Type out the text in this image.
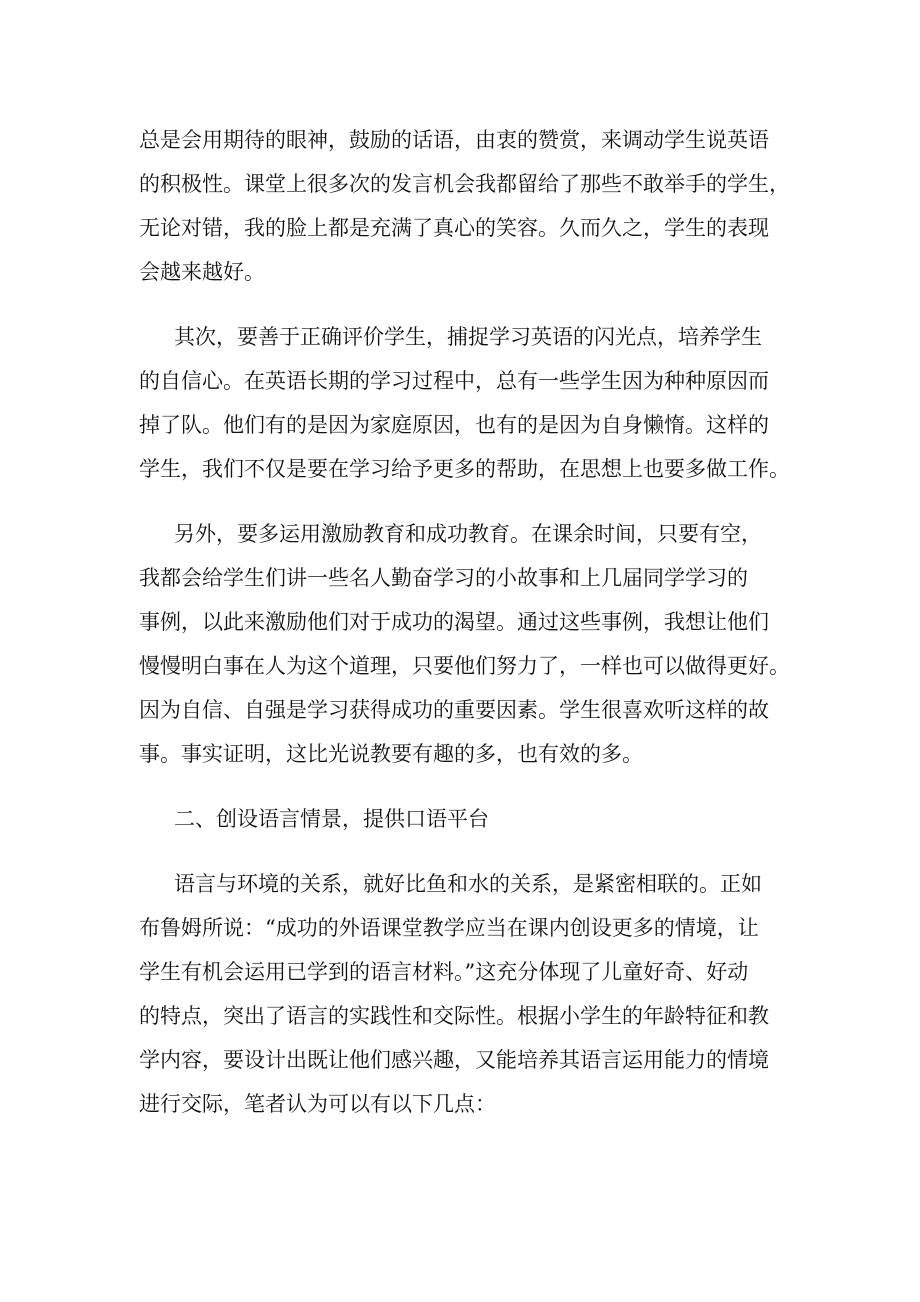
总是会用期待的眼神，鼓励的话语，由衷的赞赏，来调动学生说英语
的积极性。课堂上很多次的发言机会我都留给了那些不敢举手的学生，
无论对错，我的脸上都是充满了真心的笑容。久而久之，学生的表现
会越来越好。
其次，要善于正确评价学生，捕捉学习英语的闪光点，培养学生
的自信心。在英语长期的学习过程中，总有一些学生因为种种原因而
掉了队。他们有的是因为家庭原因，也有的是因为自身懒惰。这样的
学生，我们不仅是要在学习给予更多的帮助，在思想上也要多做工作。
另外，要多运用激励教育和成功教育。在课余时间，只要有空，
我都会给学生们讲一些名人勤奋学习的小故事和上几届同学学习的
事例，以此来激励他们对于成功的渴望。通过这些事例，我想让他们
慢慢明白事在人为这个道理，只要他们努力了，一样也可以做得更好。
因为自信、自强是学习获得成功的重要因素。学生很喜欢听这样的故
事。事实证明，这比光说教要有趣的多，也有效的多。
二、创设语言情景，提供口语平台
语言与环境的关系，就好比鱼和水的关系，是紧密相联的。正如
布鲁姆所说：“成功的外语课堂教学应当在课内创设更多的情境，让
学生有机会运用已学到的语言材料。”这充分体现了儿童好奇、好动
的特点，突出了语言的实践性和交际性。根据小学生的年龄特征和教
学内容，要设计出既让他们感兴趣，又能培养其语言运用能力的情境
进行交际，笔者认为可以有以下几点：
